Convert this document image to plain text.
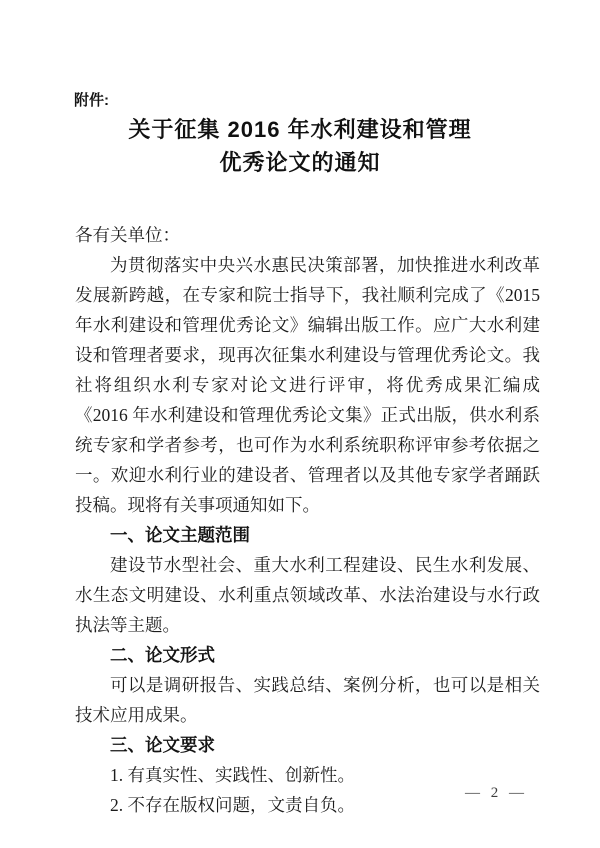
附件:
关于征集 2016 年水利建设和管理
优秀论文的通知
各有关单位：

为贯彻落实中央兴水惠民决策部署，加快推进水利改革发展新跨越，在专家和院士指导下，我社顺利完成了《2015 年水利建设和管理优秀论文》编辑出版工作。应广大水利建设和管理者要求，现再次征集水利建设与管理优秀论文。我社将组织水利专家对论文进行评审，将优秀成果汇编成《2016 年水利建设和管理优秀论文集》正式出版，供水利系统专家和学者参考，也可作为水利系统职称评审参考依据之一。欢迎水利行业的建设者、管理者以及其他专家学者踊跃投稿。现将有关事项通知如下。

一、论文主题范围

建设节水型社会、重大水利工程建设、民生水利发展、水生态文明建设、水利重点领域改革、水法治建设与水行政执法等主题。

二、论文形式

可以是调研报告、实践总结、案例分析，也可以是相关技术应用成果。

三、论文要求

1. 有真实性、实践性、创新性。

2. 不存在版权问题，文责自负。

— 2 —
